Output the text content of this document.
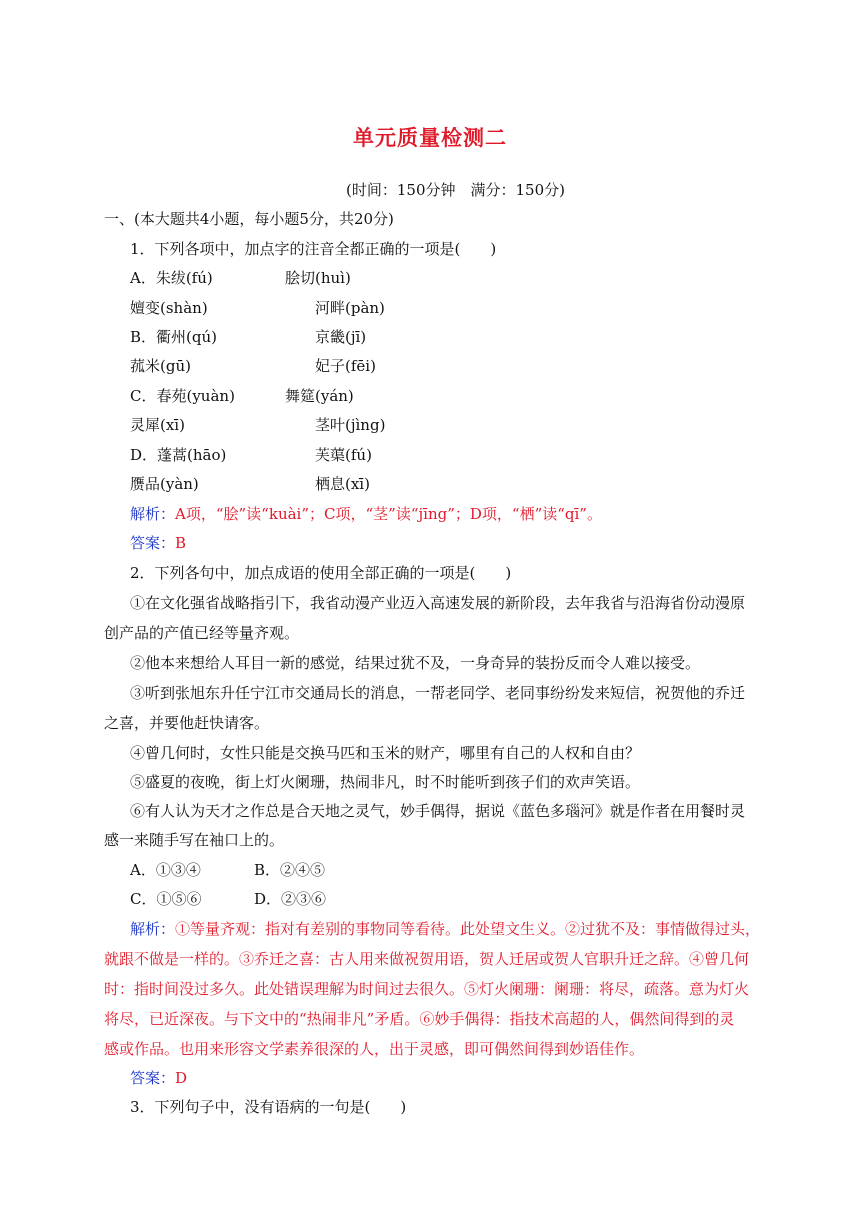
单元质量检测二
(时间：150分钟　满分：150分)
一、(本大题共4小题，每小题5分，共20分)
1．下列各项中，加点字的注音全都正确的一项是(　　)
A．朱绂(fú)	脍切(huì)
嬗变(shàn)	河畔(pàn)
B．衢州(qú)	京畿(jī)
菰米(gū)	妃子(fēi)
C．春苑(yuàn)	舞筵(yán)
灵犀(xī)	茎叶(jìng)
D．蓬蒿(hāo)	芙蕖(fú)
赝品(yàn)	栖息(xī)
解析：A项，“脍”读“kuài”；C项，“茎”读“jīng”；D项，“栖”读“qī”。
答案：B
2．下列各句中，加点成语的使用全部正确的一项是(　　)
①在文化强省战略指引下，我省动漫产业迈入高速发展的新阶段，去年我省与沿海省份动漫原
创产品的产值已经等量齐观。
②他本来想给人耳目一新的感觉，结果过犹不及，一身奇异的装扮反而令人难以接受。
③听到张旭东升任宁江市交通局长的消息，一帮老同学、老同事纷纷发来短信，祝贺他的乔迁
之喜，并要他赶快请客。
④曾几何时，女性只能是交换马匹和玉米的财产，哪里有自己的人权和自由？
⑤盛夏的夜晚，街上灯火阑珊，热闹非凡，时不时能听到孩子们的欢声笑语。
⑥有人认为天才之作总是合天地之灵气，妙手偶得，据说《蓝色多瑙河》就是作者在用餐时灵
感一来随手写在袖口上的。
A．①③④	B．②④⑤
C．①⑤⑥	D．②③⑥
解析：①等量齐观：指对有差别的事物同等看待。此处望文生义。②过犹不及：事情做得过头，
就跟不做是一样的。③乔迁之喜：古人用来做祝贺用语，贺人迁居或贺人官职升迁之辞。④曾几何
时：指时间没过多久。此处错误理解为时间过去很久。⑤灯火阑珊：阑珊：将尽，疏落。意为灯火
将尽，已近深夜。与下文中的“热闹非凡”矛盾。⑥妙手偶得：指技术高超的人，偶然间得到的灵
感或作品。也用来形容文学素养很深的人，出于灵感，即可偶然间得到妙语佳作。
答案：D
3．下列句子中，没有语病的一句是(　　)
